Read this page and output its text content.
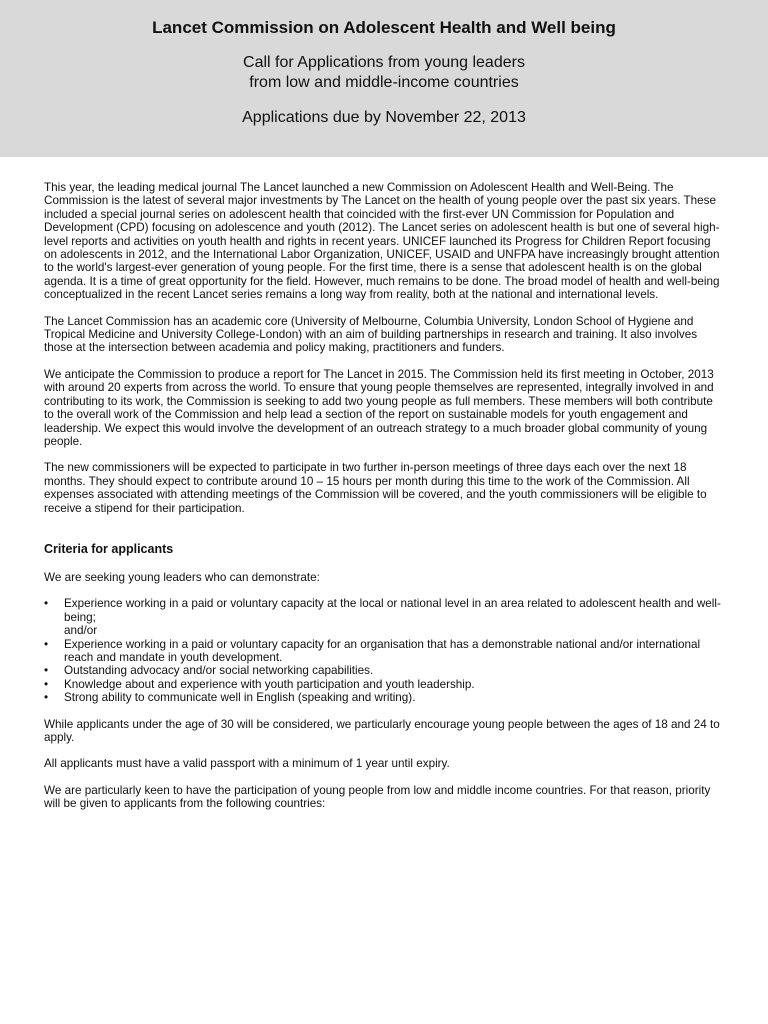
Lancet Commission on Adolescent Health and Well being

Call for Applications from young leaders
from low and middle-income countries

Applications due by November 22, 2013

This year, the leading medical journal The Lancet launched a new Commission on Adolescent Health and Well-Being. The Commission is the latest of several major investments by The Lancet on the health of young people over the past six years. These included a special journal series on adolescent health that coincided with the first-ever UN Commission for Population and Development (CPD) focusing on adolescence and youth (2012). The Lancet series on adolescent health is but one of several high-level reports and activities on youth health and rights in recent years. UNICEF launched its Progress for Children Report focusing on adolescents in 2012, and the International Labor Organization, UNICEF, USAID and UNFPA have increasingly brought attention to the world's largest-ever generation of young people. For the first time, there is a sense that adolescent health is on the global agenda. It is a time of great opportunity for the field. However, much remains to be done. The broad model of health and well-being conceptualized in the recent Lancet series remains a long way from reality, both at the national and international levels.

The Lancet Commission has an academic core (University of Melbourne, Columbia University, London School of Hygiene and Tropical Medicine and University College-London) with an aim of building partnerships in research and training. It also involves those at the intersection between academia and policy making, practitioners and funders.

We anticipate the Commission to produce a report for The Lancet in 2015. The Commission held its first meeting in October, 2013 with around 20 experts from across the world. To ensure that young people themselves are represented, integrally involved in and contributing to its work, the Commission is seeking to add two young people as full members. These members will both contribute to the overall work of the Commission and help lead a section of the report on sustainable models for youth engagement and leadership. We expect this would involve the development of an outreach strategy to a much broader global community of young people.

The new commissioners will be expected to participate in two further in-person meetings of three days each over the next 18 months. They should expect to contribute around 10 – 15 hours per month during this time to the work of the Commission. All expenses associated with attending meetings of the Commission will be covered, and the youth commissioners will be eligible to receive a stipend for their participation.

Criteria for applicants

We are seeking young leaders who can demonstrate:

• Experience working in a paid or voluntary capacity at the local or national level in an area related to adolescent health and well-being;
and/or
• Experience working in a paid or voluntary capacity for an organisation that has a demonstrable national and/or international reach and mandate in youth development.
• Outstanding advocacy and/or social networking capabilities.
• Knowledge about and experience with youth participation and youth leadership.
• Strong ability to communicate well in English (speaking and writing).

While applicants under the age of 30 will be considered, we particularly encourage young people between the ages of 18 and 24 to apply.

All applicants must have a valid passport with a minimum of 1 year until expiry.

We are particularly keen to have the participation of young people from low and middle income countries. For that reason, priority will be given to applicants from the following countries:
